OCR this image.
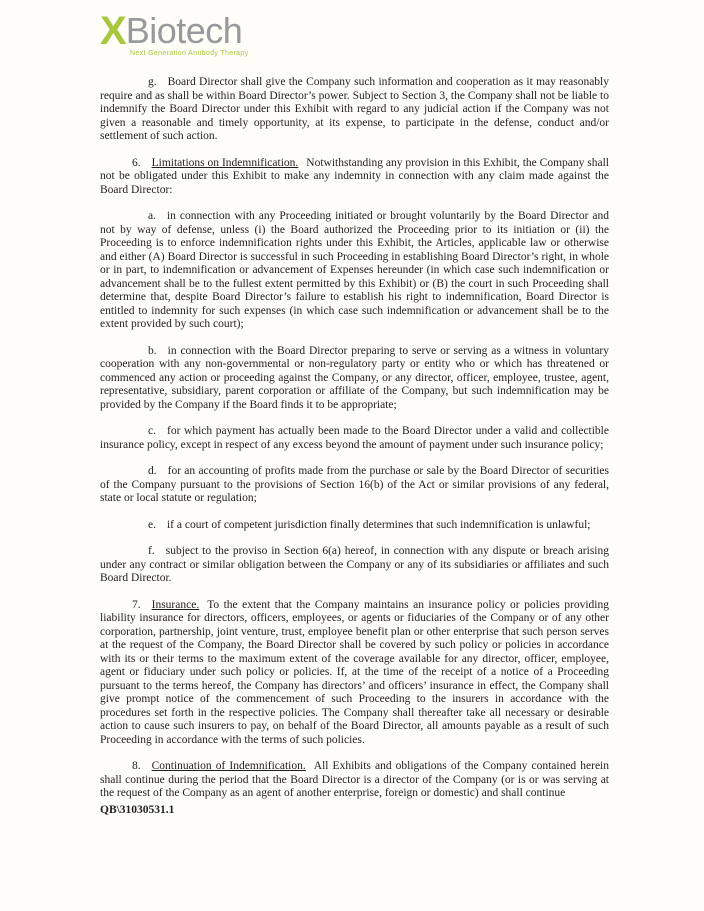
X Biotech
Next Generation Antibody Therapy

g. Board Director shall give the Company such information and cooperation as it may reasonably require and as shall be within Board Director’s power. Subject to Section 3, the Company shall not be liable to indemnify the Board Director under this Exhibit with regard to any judicial action if the Company was not given a reasonable and timely opportunity, at its expense, to participate in the defense, conduct and/or settlement of such action.

6. Limitations on Indemnification. Notwithstanding any provision in this Exhibit, the Company shall not be obligated under this Exhibit to make any indemnity in connection with any claim made against the Board Director:

a. in connection with any Proceeding initiated or brought voluntarily by the Board Director and not by way of defense, unless (i) the Board authorized the Proceeding prior to its initiation or (ii) the Proceeding is to enforce indemnification rights under this Exhibit, the Articles, applicable law or otherwise and either (A) Board Director is successful in such Proceeding in establishing Board Director’s right, in whole or in part, to indemnification or advancement of Expenses hereunder (in which case such indemnification or advancement shall be to the fullest extent permitted by this Exhibit) or (B) the court in such Proceeding shall determine that, despite Board Director’s failure to establish his right to indemnification, Board Director is entitled to indemnity for such expenses (in which case such indemnification or advancement shall be to the extent provided by such court);

b. in connection with the Board Director preparing to serve or serving as a witness in voluntary cooperation with any non-governmental or non-regulatory party or entity who or which has threatened or commenced any action or proceeding against the Company, or any director, officer, employee, trustee, agent, representative, subsidiary, parent corporation or affiliate of the Company, but such indemnification may be provided by the Company if the Board finds it to be appropriate;

c. for which payment has actually been made to the Board Director under a valid and collectible insurance policy, except in respect of any excess beyond the amount of payment under such insurance policy;

d. for an accounting of profits made from the purchase or sale by the Board Director of securities of the Company pursuant to the provisions of Section 16(b) of the Act or similar provisions of any federal, state or local statute or regulation;

e. if a court of competent jurisdiction finally determines that such indemnification is unlawful;

f. subject to the proviso in Section 6(a) hereof, in connection with any dispute or breach arising under any contract or similar obligation between the Company or any of its subsidiaries or affiliates and such Board Director.

7. Insurance. To the extent that the Company maintains an insurance policy or policies providing liability insurance for directors, officers, employees, or agents or fiduciaries of the Company or of any other corporation, partnership, joint venture, trust, employee benefit plan or other enterprise that such person serves at the request of the Company, the Board Director shall be covered by such policy or policies in accordance with its or their terms to the maximum extent of the coverage available for any director, officer, employee, agent or fiduciary under such policy or policies. If, at the time of the receipt of a notice of a Proceeding pursuant to the terms hereof, the Company has directors’ and officers’ insurance in effect, the Company shall give prompt notice of the commencement of such Proceeding to the insurers in accordance with the procedures set forth in the respective policies. The Company shall thereafter take all necessary or desirable action to cause such insurers to pay, on behalf of the Board Director, all amounts payable as a result of such Proceeding in accordance with the terms of such policies.

8. Continuation of Indemnification. All Exhibits and obligations of the Company contained herein shall continue during the period that the Board Director is a director of the Company (or is or was serving at the request of the Company as an agent of another enterprise, foreign or domestic) and shall continue

QB\31030531.1
